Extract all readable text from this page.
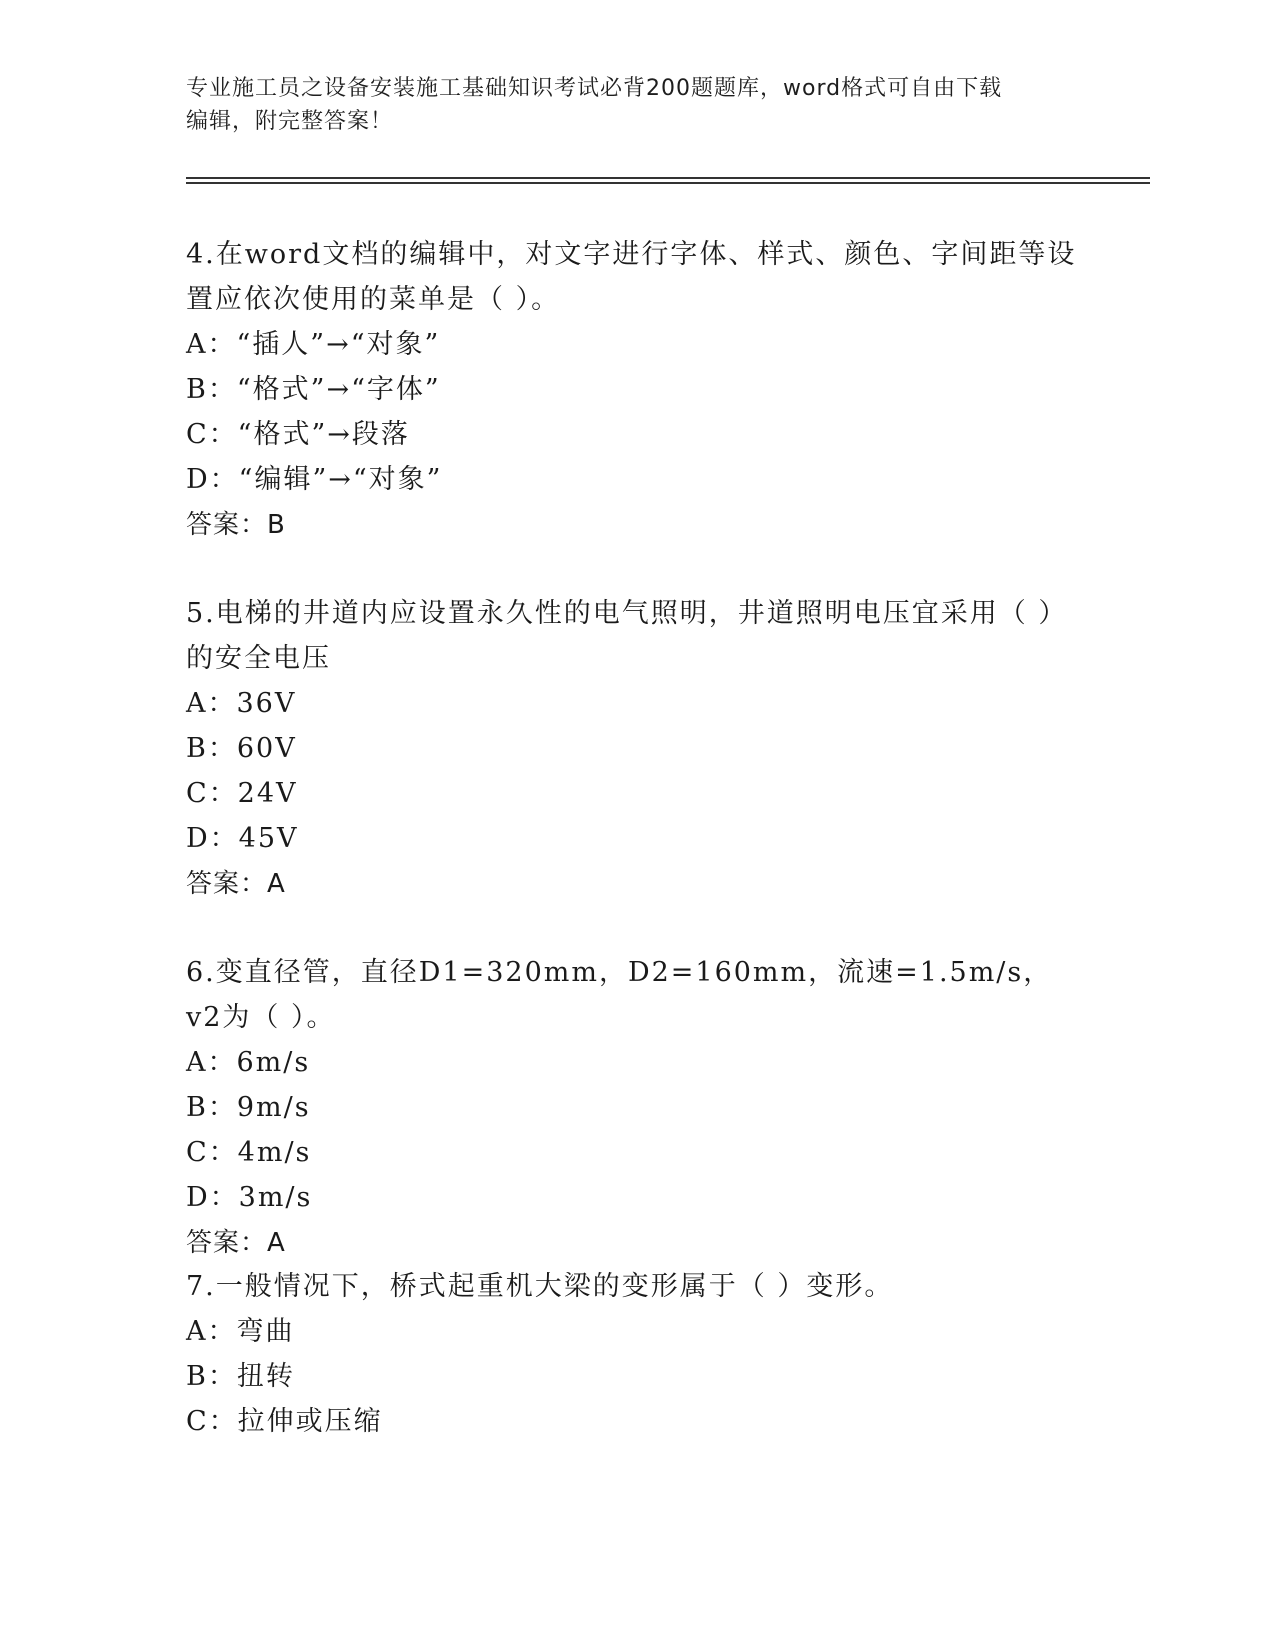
专业施工员之设备安装施工基础知识考试必背200题题库，word格式可自由下载
编辑，附完整答案！
4.在word文档的编辑中，对文字进行字体、样式、颜色、字间距等设
置应依次使用的菜单是（ ）。
A：“插人”→“对象”
B：“格式”→“字体”
C：“格式”→段落
D：“编辑”→“对象”
答案：B
5.电梯的井道内应设置永久性的电气照明，井道照明电压宜采用（ ）
的安全电压
A：36V
B：60V
C：24V
D：45V
答案：A
6.变直径管，直径D1=320mm，D2=160mm，流速=1.5m/s，v2为（ ）。
A：6m/s
B：9m/s
C：4m/s
D：3m/s
答案：A
7.一般情况下，桥式起重机大梁的变形属于（ ）变形。
A：弯曲
B：扭转
C：拉伸或压缩
